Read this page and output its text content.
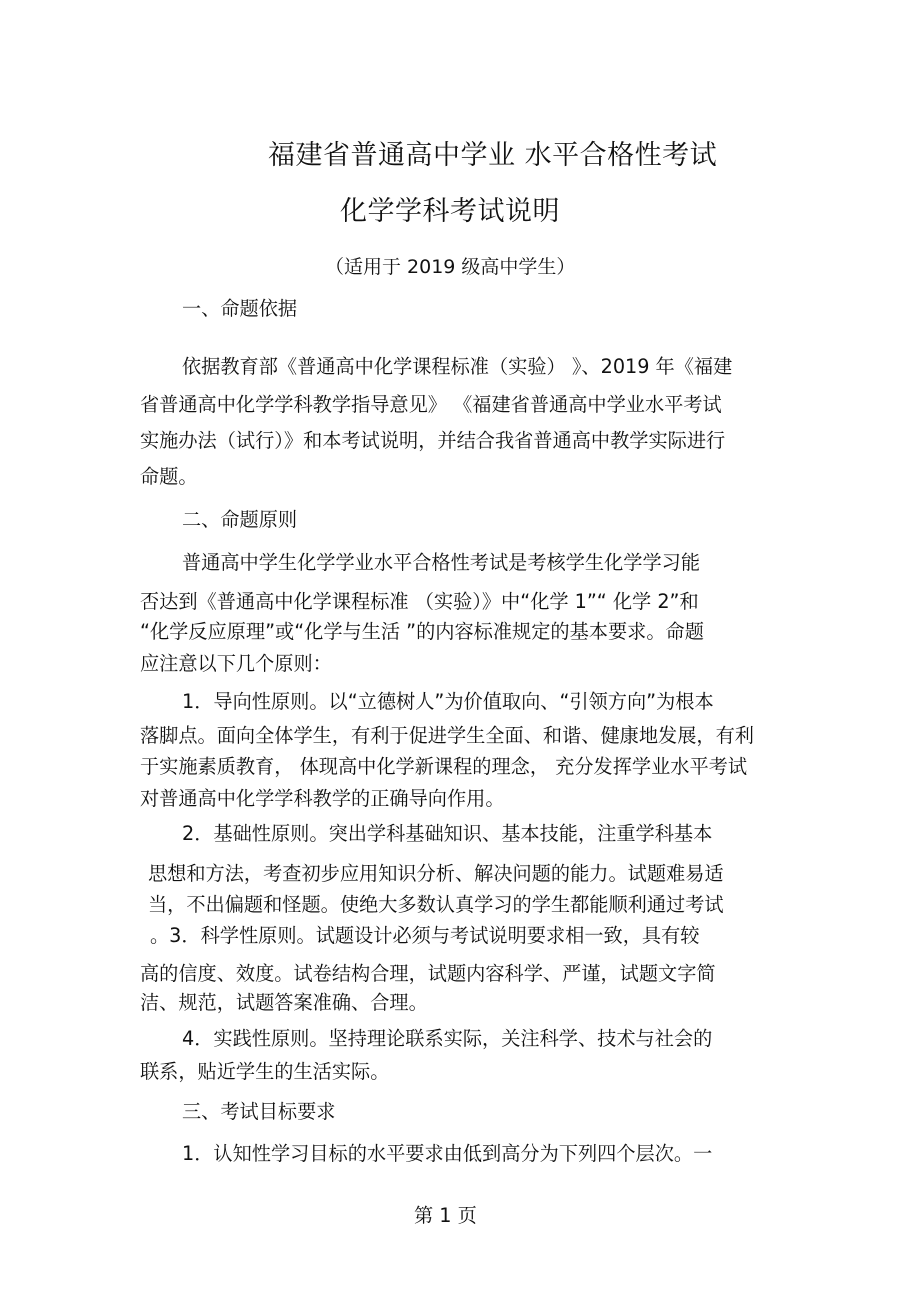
福建省普通高中学业 水平合格性考试

化学学科考试说明

（适用于 2019 级高中学生）

一、命题依据

依据教育部《普通高中化学课程标准（实验） 》、2019 年《福建

省普通高中化学学科教学指导意见》 《福建省普通高中学业水平考试

实施办法（试行）》和本考试说明，并结合我省普通高中教学实际进行

命题。

二、命题原则

普通高中学生化学学业水平合格性考试是考核学生化学学习能

否达到《普通高中化学课程标准 （实验）》中“化学 1”“ 化学 2”和

“化学反应原理”或“化学与生活 ”的内容标准规定的基本要求。命题

应注意以下几个原则：

1．导向性原则。以“立德树人”为价值取向、“引领方向”为根本

落脚点。面向全体学生，有利于促进学生全面、和谐、健康地发展，有利

于实施素质教育， 体现高中化学新课程的理念， 充分发挥学业水平考试

对普通高中化学学科教学的正确导向作用。

2．基础性原则。突出学科基础知识、基本技能，注重学科基本

思想和方法，考查初步应用知识分析、解决问题的能力。试题难易适

当，不出偏题和怪题。使绝大多数认真学习的学生都能顺利通过考试

。3．科学性原则。试题设计必须与考试说明要求相一致，具有较

高的信度、效度。试卷结构合理，试题内容科学、严谨，试题文字简

洁、规范，试题答案准确、合理。

4．实践性原则。坚持理论联系实际，关注科学、技术与社会的

联系，贴近学生的生活实际。

三、考试目标要求

1．认知性学习目标的水平要求由低到高分为下列四个层次。一

第 1 页
